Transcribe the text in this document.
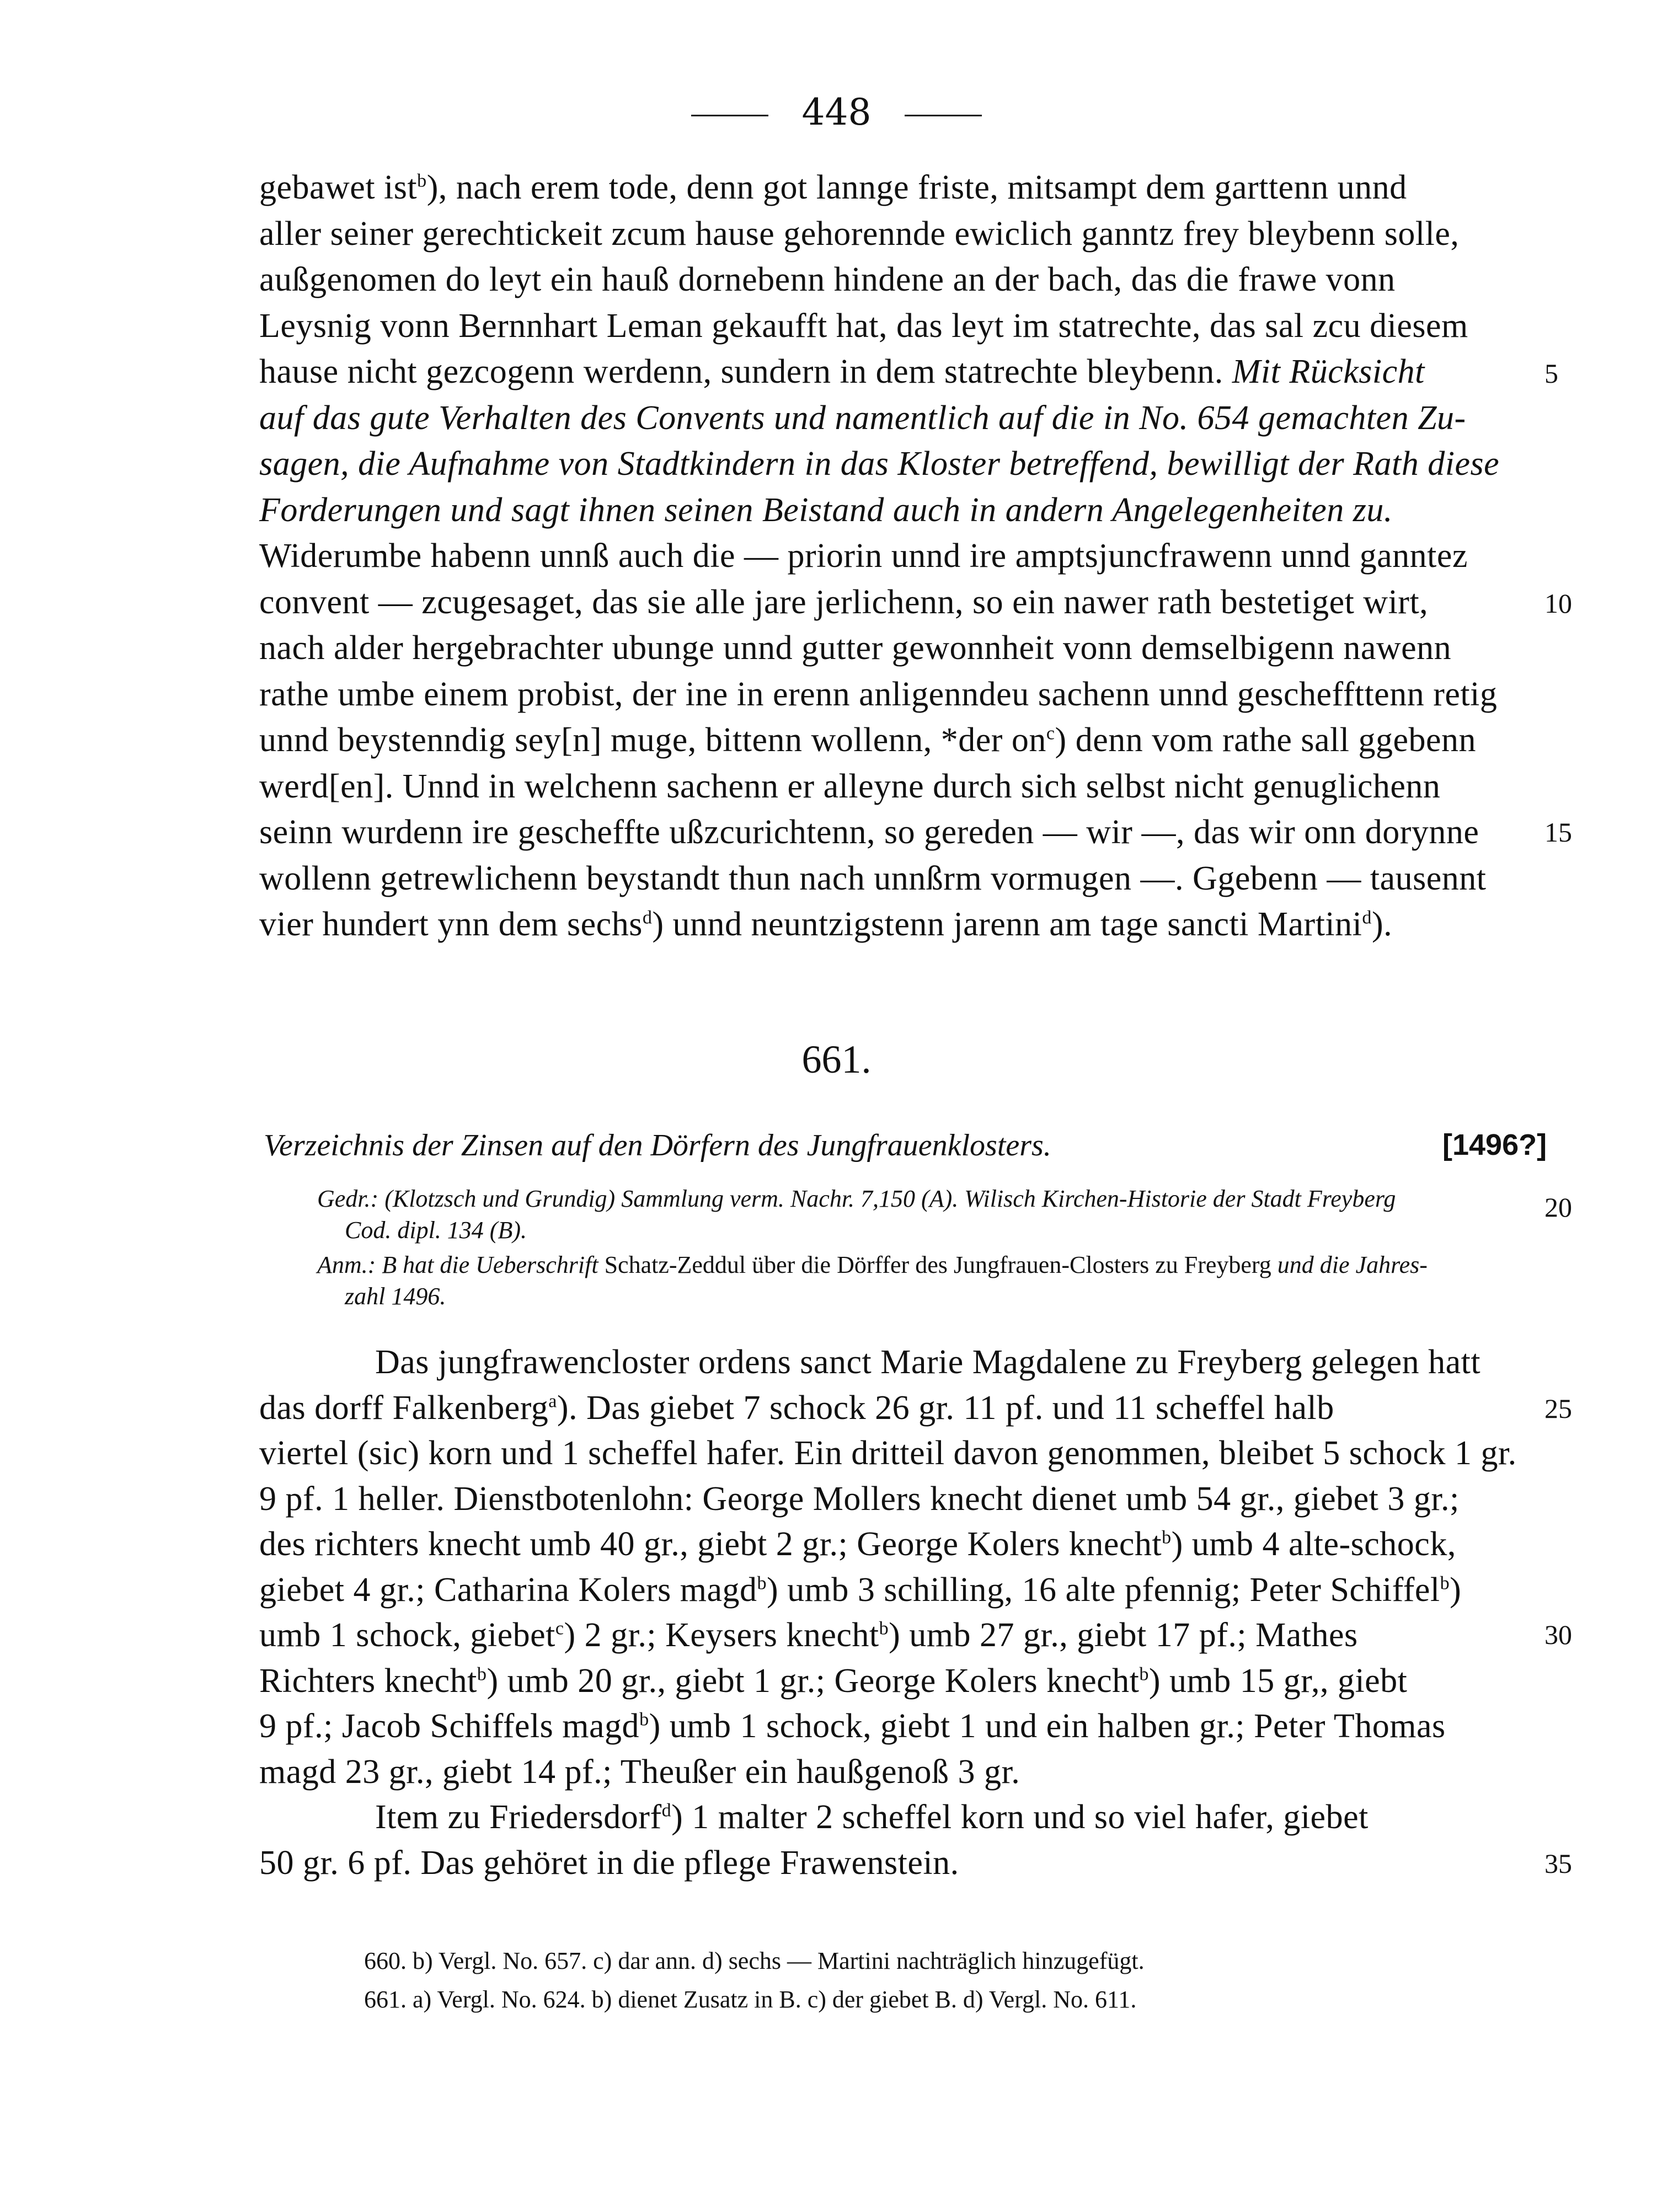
448
gebawet ist$^b$), nach erem tode, denn got lannge friste, mitsampt dem garttenn unnd
aller seiner gerechtickeit zcum hause gehorennde ewiclich ganntz frey bleybenn solle,
außgenomen do leyt ein hauß dornebenn hindene an der bach, das die frawe vonn
Leysnig vonn Bernnhart Leman gekaufft hat, das leyt im statrechte, das sal zcu diesem
hause nicht gezcogenn werdenn, sundern in dem statrechte bleybenn. Mit Rücksicht
auf das gute Verhalten des Convents und namentlich auf die in No. 654 gemachten Zu-
sagen, die Aufnahme von Stadtkindern in das Kloster betreffend, bewilligt der Rath diese
Forderungen und sagt ihnen seinen Beistand auch in andern Angelegenheiten zu.
Widerumbe habenn unnß auch die — priorin unnd ire amptsjuncfrawenn unnd ganntez
convent — zcugesaget, das sie alle jare jerlichenn, so ein nawer rath bestetiget wirt,
nach alder hergebrachter ubunge unnd gutter gewonnheit vonn demselbigenn nawenn
rathe umbe einem probist, der ine in erenn anligenndeu sachenn unnd gescheffttenn retig
unnd beystenndig sey[n] muge, bittenn wollenn, *der $on^c$) denn vom rathe sall ggebenn
werd[en]. Unnd in welchenn sachenn er alleyne durch sich selbst nicht genuglichenn
seinn wurdenn ire gescheffte ußzcurichtenn, so gereden — wir —, das wir onn dorynne
wollenn getrewlichenn beystandt thun nach unnßrm vormugen —. Ggebenn — tausennt
vier hundert ynn dem sechs$^d$) unnd neuntzigstenn jarenn am tage sancti Martini$^d$).
5
10
15
20
25
30
35
661.
Verzeichnis der Zinsen auf den Dörfern des Jungfrauenklosters.	[1496?]
Gedr.: (Klotzsch und Grundig) Sammlung verm. Nachr. 7,150 (A). Wilisch Kirchen-Historie der Stadt Freyberg
Cod. dipl. 134 (B).
Anm.: B hat die Ueberschrift Schatz-Zeddul über die Dörffer des Jungfrauen-Closters zu Freyberg und die Jahres-
zahl 1496.
Das jungfrawencloster ordens sanct Marie Magdalene zu Freyberg gelegen hatt
das dorff Falkenberg$^a$). Das giebet 7 schock 26 gr. 11 pf. und 11 scheffel halb
viertel (sic) korn und 1 scheffel hafer. Ein dritteil davon genommen, bleibet 5 schock 1 gr.
9 pf. 1 heller. Dienstbotenlohn: George Mollers knecht dienet umb 54 gr., giebet 3 gr.;
des richters knecht umb 40 gr., giebt 2 gr.; George Kolers knecht$^b$) umb 4 alte-schock,
giebet 4 gr.; Catharina Kolers magd$^b$) umb 3 schilling, 16 alte pfennig; Peter Schiffel$^b$)
umb 1 schock, giebet$^c$) 2 gr.; Keysers knecht$^b$) umb 27 gr., giebt 17 pf.; Mathes
Richters knecht$^b$) umb 20 gr., giebt 1 gr.; George Kolers knecht$^b$) umb 15 gr,, giebt
9 pf.; Jacob Schiffels magd$^b$) umb 1 schock, giebt 1 und ein halben gr.; Peter Thomas
magd 23 gr., giebt 14 pf.; Theußer ein haußgenoß 3 gr.
Item zu Friedersdorf$^d$) 1 malter 2 scheffel korn und so viel hafer, giebet
50 gr. 6 pf. Das gehöret in die pflege Frawenstein.
660. b) Vergl. No. 657. c) dar ann. d) sechs — Martini nachträglich hinzugefügt.
661. a) Vergl. No. 624. b) dienet Zusatz in B. c) der giebet B. d) Vergl. No. 611.
